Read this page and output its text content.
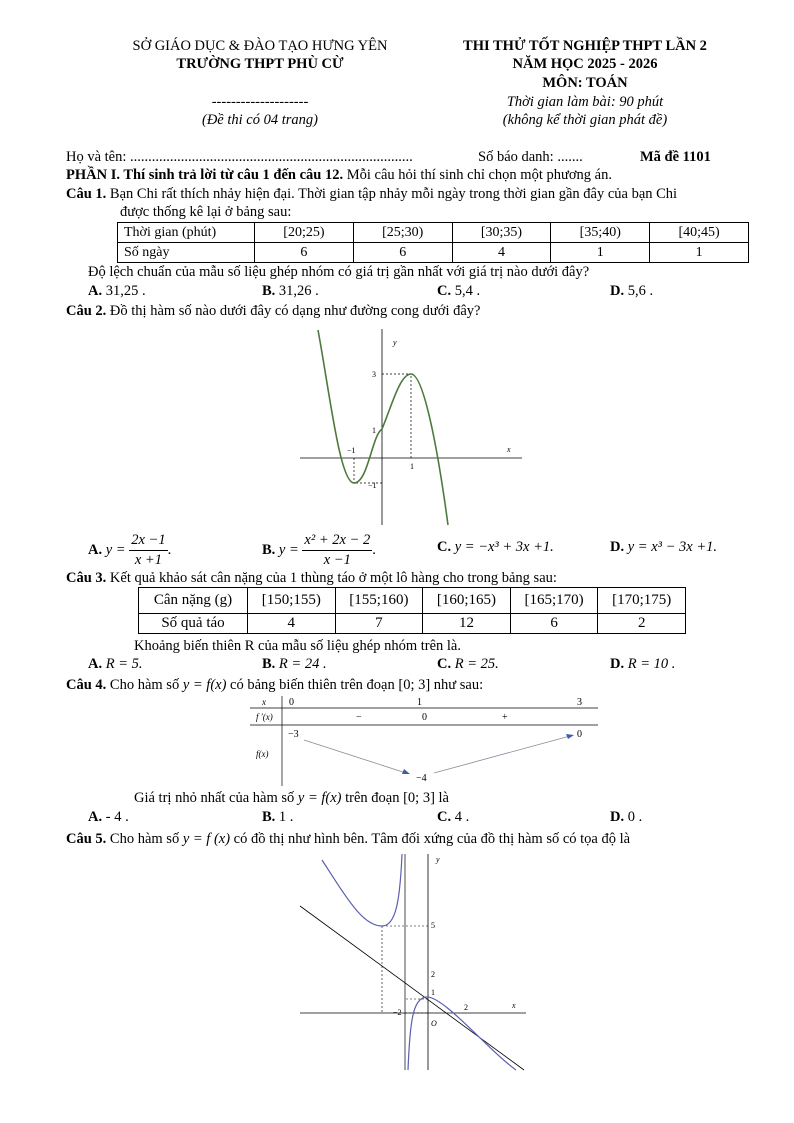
SỞ GIÁO DỤC & ĐÀO TẠO HƯNG YÊN
TRƯỜNG THPT PHÙ CỪ
--------------------
(Đề thi có 04 trang)
THI THỬ TỐT NGHIỆP THPT LẦN 2
NĂM HỌC 2025 - 2026
MÔN: TOÁN
Thời gian làm bài: 90 phút
(không kể thời gian phát đề)
Họ và tên: ..............................................................................	Số báo danh: .......	Mã đề 1101
PHẦN I. Thí sinh trả lời từ câu 1 đến câu 12. Mỗi câu hỏi thí sinh chỉ chọn một phương án.
Câu 1. Bạn Chi rất thích nhảy hiện đại. Thời gian tập nhảy mỗi ngày trong thời gian gần đây của bạn Chi
được thống kê lại ở bảng sau:
Thời gian (phút)	[20;25)	[25;30)	[30;35)	[35;40)	[40;45)
Số ngày	6	6	4	1	1
Độ lệch chuẩn của mẫu số liệu ghép nhóm có giá trị gần nhất với giá trị nào dưới đây?
A. 31,25 .	B. 31,26 .	C. 5,4 .	D. 5,6 .
Câu 2. Đồ thị hàm số nào dưới đây có dạng như đường cong dưới đây?
y
x
3
1
−1
−1
1
A. $y = \frac{2x -1}{x +1}$ .	B. $y = \frac{\text{x² + 2x − 2}}{x -1}$ .	C. y = −x³ + 3x +1.	D. y = x³ − 3x +1.
Câu 3. Kết quả khảo sát cân nặng của 1 thùng táo ở một lô hàng cho trong bảng sau:
Cân nặng (g)	[150;155)	[155;160)	[160;165)	[165;170)	[170;175)
Số quả táo	4	7	12	6	2
Khoảng biến thiên R của mẫu số liệu ghép nhóm trên là.
A. R = 5.	B. R = 24 .	C. R = 25.	D. R = 10 .
Câu 4. Cho hàm số y = f(x) có bảng biến thiên trên đoạn [0; 3] như sau:
x
f ′(x)
f(x)
0	1	3
−	0	+
−3
−4
0
Giá trị nhỏ nhất của hàm số y = f(x) trên đoạn [0; 3] là
A. - 4 .	B. 1 .	C. 4 .	D. 0 .
Câu 5. Cho hàm số y = f (x) có đồ thị như hình bên. Tâm đối xứng của đồ thị hàm số có tọa độ là
y
x
O
5
2
1
−2
2
